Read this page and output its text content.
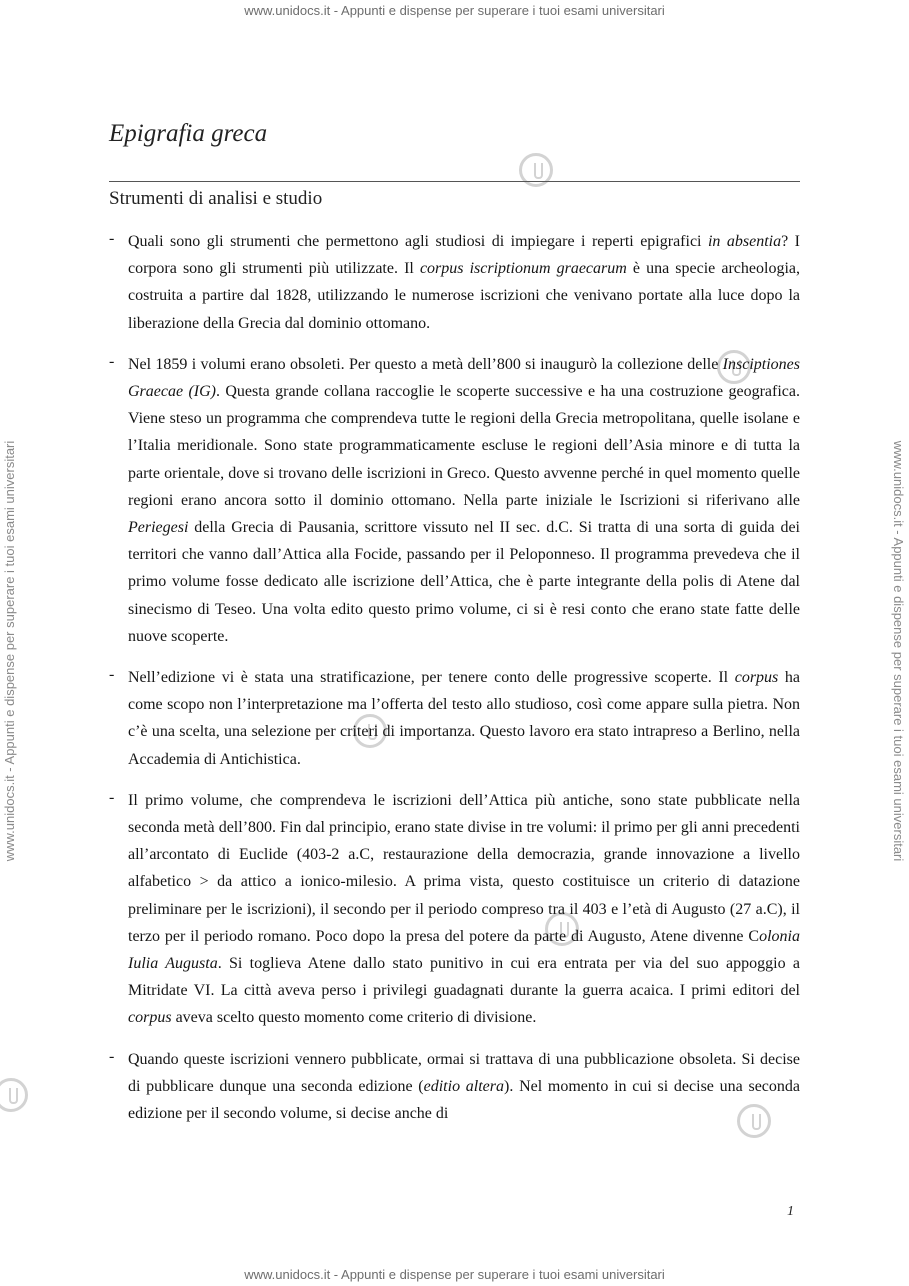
www.unidocs.it - Appunti e dispense per superare i tuoi esami universitari
www.unidocs.it - Appunti e dispense per superare i tuoi esami universitari	www.unidocs.it - Appunti e dispense per superare i tuoi esami universitari
Epigrafia greca
Strumenti di analisi e studio

- Quali sono gli strumenti che permettono agli studiosi di impiegare i reperti epigrafici in absentia? I corpora sono gli strumenti più utilizzate. Il corpus iscriptionum graecarum è una specie archeologia, costruita a partire dal 1828, utilizzando le numerose iscrizioni che venivano portate alla luce dopo la liberazione della Grecia dal dominio ottomano.

- Nel 1859 i volumi erano obsoleti. Per questo a metà dell’800 si inaugurò la collezione delle Insciptiones Graecae (IG). Questa grande collana raccoglie le scoperte successive e ha una costruzione geografica. Viene steso un programma che comprendeva tutte le regioni della Grecia metropolitana, quelle isolane e l’Italia meridionale. Sono state programmaticamente escluse le regioni dell’Asia minore e di tutta la parte orientale, dove si trovano delle iscrizioni in Greco. Questo avvenne perché in quel momento quelle regioni erano ancora sotto il dominio ottomano. Nella parte iniziale le Iscrizioni si riferivano alle Periegesi della Grecia di Pausania, scrittore vissuto nel II sec. d.C. Si tratta di una sorta di guida dei territori che vanno dall’Attica alla Focide, passando per il Peloponneso. Il programma prevedeva che il primo volume fosse dedicato alle iscrizione dell’Attica, che è parte integrante della polis di Atene dal sinecismo di Teseo. Una volta edito questo primo volume, ci si è resi conto che erano state fatte delle nuove scoperte.

- Nell’edizione vi è stata una stratificazione, per tenere conto delle progressive scoperte. Il corpus ha come scopo non l’interpretazione ma l’offerta del testo allo studioso, così come appare sulla pietra. Non c’è una scelta, una selezione per criteri di importanza. Questo lavoro era stato intrapreso a Berlino, nella Accademia di Antichistica.

- Il primo volume, che comprendeva le iscrizioni dell’Attica più antiche, sono state pubblicate nella seconda metà dell’800. Fin dal principio, erano state divise in tre volumi: il primo per gli anni precedenti all’arcontato di Euclide (403-2 a.C, restaurazione della democrazia, grande innovazione a livello alfabetico > da attico a ionico-milesio. A prima vista, questo costituisce un criterio di datazione preliminare per le iscrizioni), il secondo per il periodo compreso tra il 403 e l’età di Augusto (27 a.C), il terzo per il periodo romano. Poco dopo la presa del potere da parte di Augusto, Atene divenne Colonia Iulia Augusta. Si toglieva Atene dallo stato punitivo in cui era entrata per via del suo appoggio a Mitridate VI. La città aveva perso i privilegi guadagnati durante la guerra acaica. I primi editori del corpus aveva scelto questo momento come criterio di divisione.

- Quando queste iscrizioni vennero pubblicate, ormai si trattava di una pubblicazione obsoleta. Si decise di pubblicare dunque una seconda edizione (editio altera). Nel momento in cui si decise una seconda edizione per il secondo volume, si decise anche di

1
www.unidocs.it - Appunti e dispense per superare i tuoi esami universitari
